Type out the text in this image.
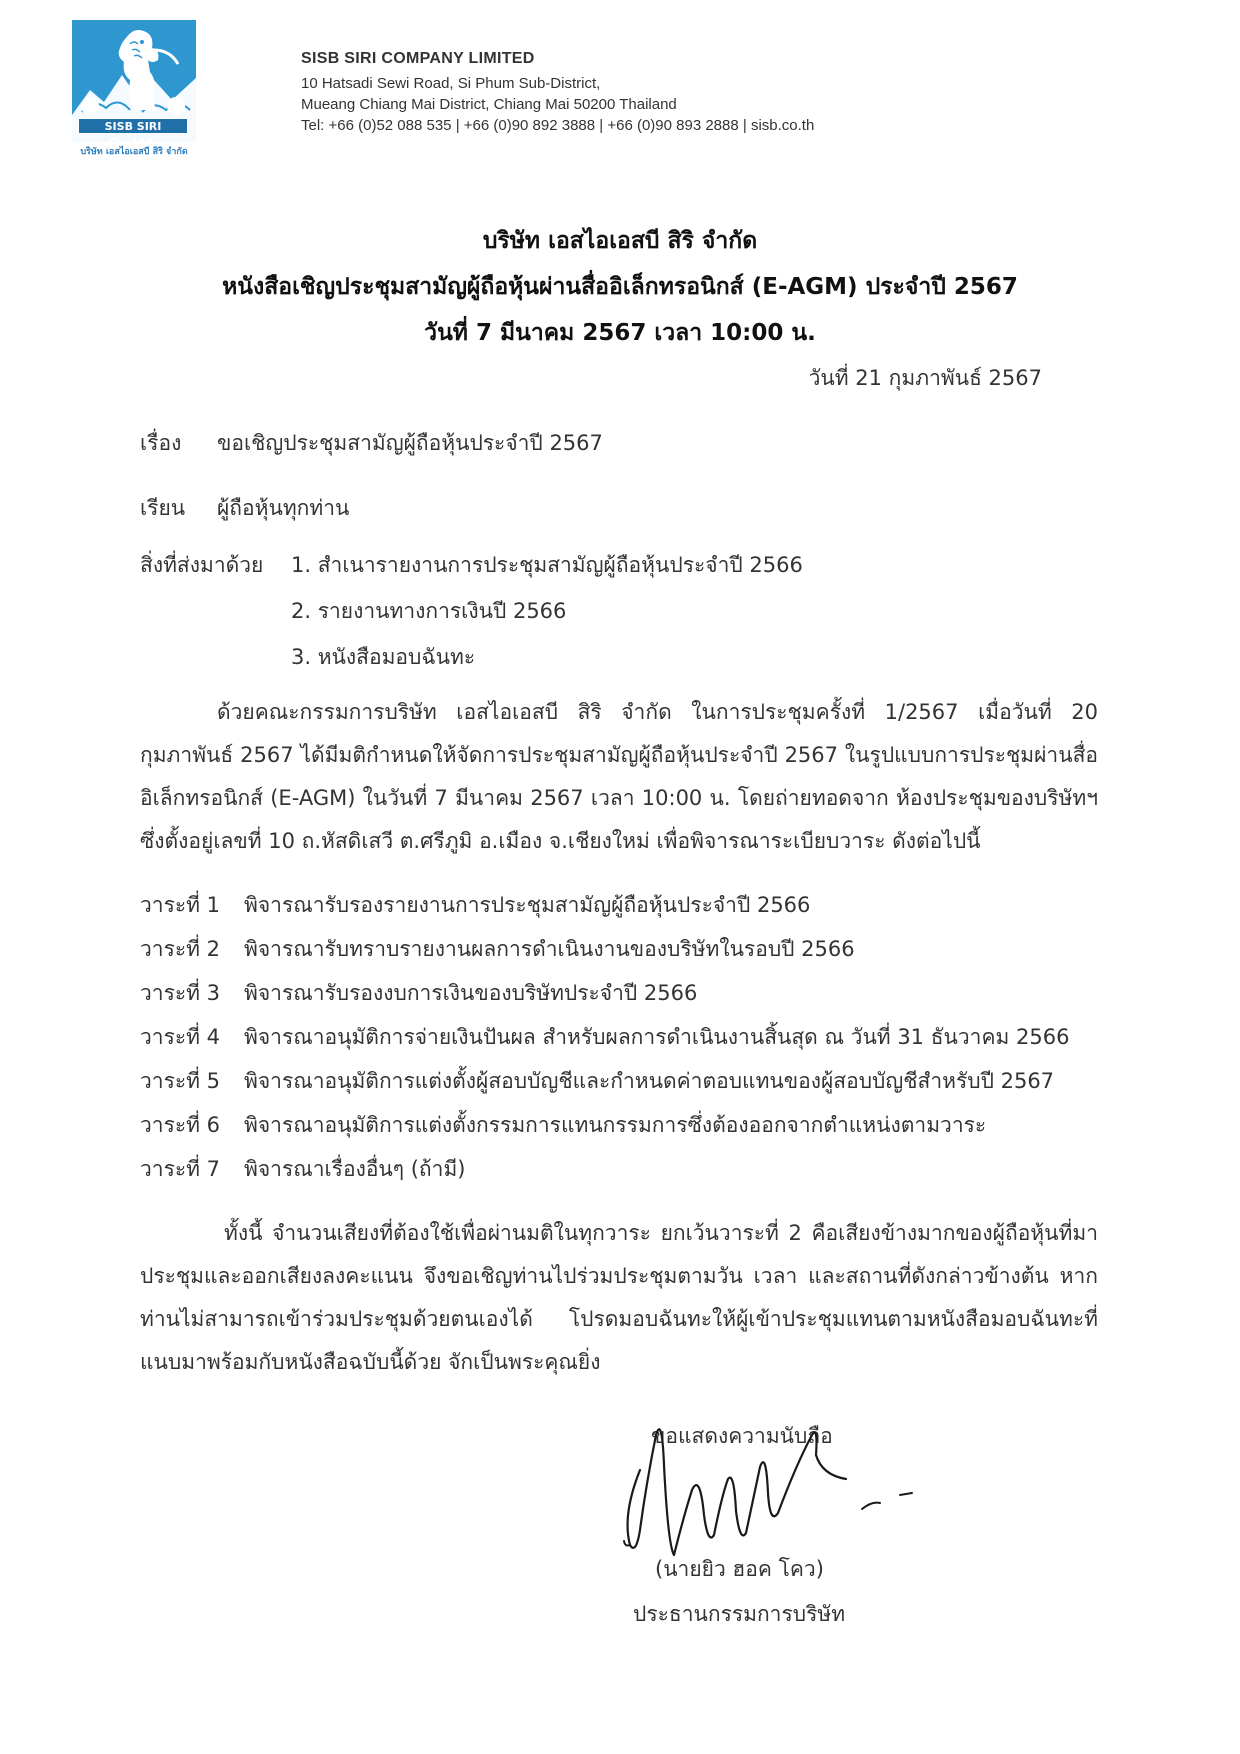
SISB SIRI Co.,Ltd.
บริษัท เอสไอเอสบี สิริ จำกัด
SISB SIRI COMPANY LIMITED
10 Hatsadi Sewi Road, Si Phum Sub-District,
Mueang Chiang Mai District, Chiang Mai 50200 Thailand
Tel: +66 (0)52 088 535 | +66 (0)90 892 3888 | +66 (0)90 893 2888 | sisb.co.th
บริษัท เอสไอเอสบี สิริ จำกัด
หนังสือเชิญประชุมสามัญผู้ถือหุ้นผ่านสื่ออิเล็กทรอนิกส์ (E-AGM) ประจำปี 2567
วันที่ 7 มีนาคม 2567 เวลา 10:00 น.
วันที่ 21 กุมภาพันธ์ 2567
เรื่อง ขอเชิญประชุมสามัญผู้ถือหุ้นประจำปี 2567
เรียน ผู้ถือหุ้นทุกท่าน
สิ่งที่ส่งมาด้วย 1. สำเนารายงานการประชุมสามัญผู้ถือหุ้นประจำปี 2566
2. รายงานทางการเงินปี 2566
3. หนังสือมอบฉันทะ
ด้วยคณะกรรมการบริษัท เอสไอเอสบี สิริ จำกัด ในการประชุมครั้งที่ 1/2567 เมื่อวันที่ 20 กุมภาพันธ์ 2567 ได้มีมติกำหนดให้จัดการประชุมสามัญผู้ถือหุ้นประจำปี 2567 ในรูปแบบการประชุมผ่านสื่ออิเล็กทรอนิกส์ (E-AGM) ในวันที่ 7 มีนาคม 2567 เวลา 10:00 น. โดยถ่ายทอดจาก ห้องประชุมของบริษัทฯ ซึ่งตั้งอยู่เลขที่ 10 ถ.หัสดิเสวี ต.ศรีภูมิ อ.เมือง จ.เชียงใหม่ เพื่อพิจารณาระเบียบวาระ ดังต่อไปนี้
วาระที่ 1 พิจารณารับรองรายงานการประชุมสามัญผู้ถือหุ้นประจำปี 2566
วาระที่ 2 พิจารณารับทราบรายงานผลการดำเนินงานของบริษัทในรอบปี 2566
วาระที่ 3 พิจารณารับรองงบการเงินของบริษัทประจำปี 2566
วาระที่ 4 พิจารณาอนุมัติการจ่ายเงินปันผล สำหรับผลการดำเนินงานสิ้นสุด ณ วันที่ 31 ธันวาคม 2566
วาระที่ 5 พิจารณาอนุมัติการแต่งตั้งผู้สอบบัญชีและกำหนดค่าตอบแทนของผู้สอบบัญชีสำหรับปี 2567
วาระที่ 6 พิจารณาอนุมัติการแต่งตั้งกรรมการแทนกรรมการซึ่งต้องออกจากตำแหน่งตามวาระ
วาระที่ 7 พิจารณาเรื่องอื่นๆ (ถ้ามี)
ทั้งนี้ จำนวนเสียงที่ต้องใช้เพื่อผ่านมติในทุกวาระ ยกเว้นวาระที่ 2 คือเสียงข้างมากของผู้ถือหุ้นที่มาประชุมและออกเสียงลงคะแนน จึงขอเชิญท่านไปร่วมประชุมตามวัน เวลา และสถานที่ดังกล่าวข้างต้น หากท่านไม่สามารถเข้าร่วมประชุมด้วยตนเองได้ โปรดมอบฉันทะให้ผู้เข้าประชุมแทนตามหนังสือมอบฉันทะที่แนบมาพร้อมกับหนังสือฉบับนี้ด้วย จักเป็นพระคุณยิ่ง
ขอแสดงความนับถือ
(นายยิว ฮอค โคว)
ประธานกรรมการบริษัท
